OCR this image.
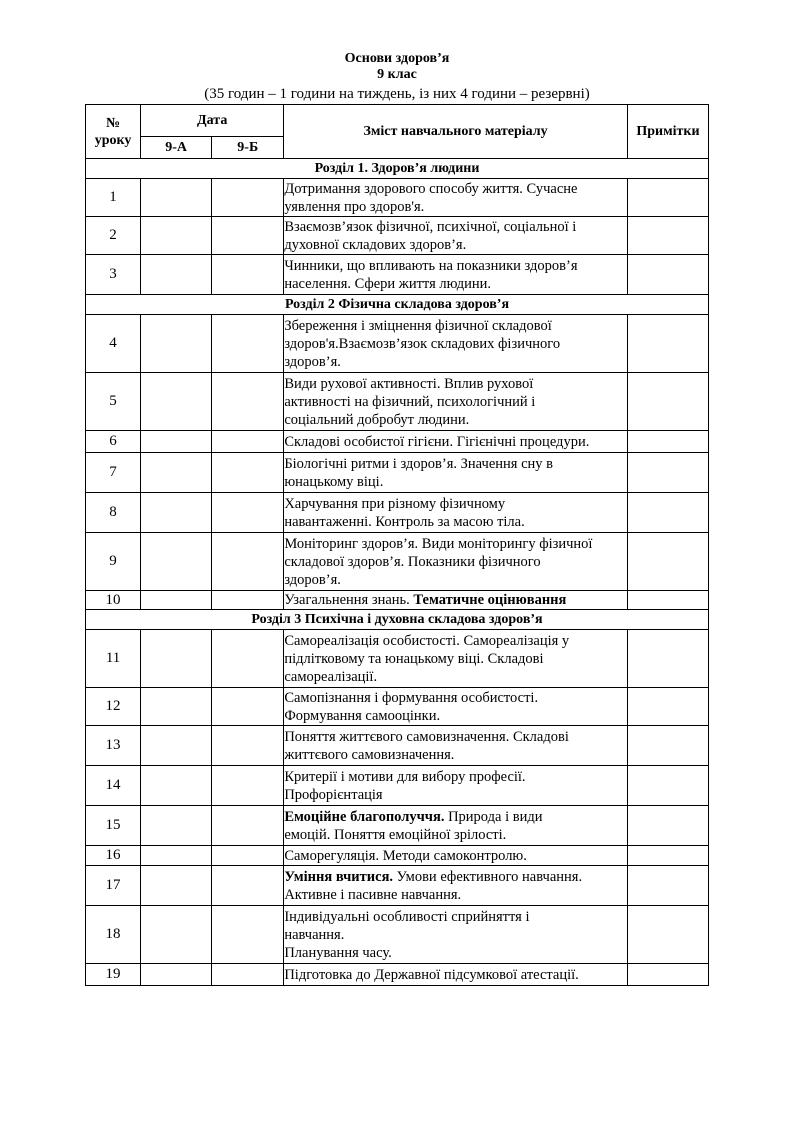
Основи здоров’я
9 клас
(35 годин – 1 години на тиждень, із них 4 години – резервні)
№ уроку	Дата		Зміст навчального матеріалу	Примітки
	9-А	9-Б		
Розділ 1. Здоров’я людини				
1			Дотримання здорового способу життя. Сучасне
уявлення про здоров'я.	

2			Взаємозв’язок фізичної, психічної, соціальної і
духовної складових здоров’я.	

3			Чинники, що впливають на показники здоров’я
населення. Сфери життя людини.	

Розділ 2 Фізична складова здоров’я				
4			Збереження і зміцнення фізичної складової
здоров'я.Взаємозв’язок складових фізичного
здоров’я.	

5			Види рухової активності. Вплив рухової
активності на фізичний, психологічний і
соціальний добробут людини.	

6			Складові особистої гігієни. Гігієнічні процедури.	

7			Біологічні ритми і здоров’я. Значення сну в
юнацькому віці.	

8			Харчування при різному фізичному
навантаженні. Контроль за масою тіла.	

9			Моніторинг здоров’я. Види моніторингу фізичної
складової здоров’я. Показники фізичного
здоров’я.	

10			Узагальнення знань. Тематичне оцінювання	
Розділ 3 Психічна і духовна складова здоров’я				
11			Самореалізація особистості. Самореалізація у
підлітковому та юнацькому віці. Складові
самореалізації.	

12			Самопізнання і формування особистості.
Формування самооцінки.	

13			Поняття життєвого самовизначення. Складові
життєвого самовизначення.	

14			Критерії і мотиви для вибору професії.
Профорієнтація	

15			Емоційне благополуччя. Природа і види
емоцій. Поняття емоційної зрілості.	

16			Саморегуляція. Методи самоконтролю.	

17			Уміння вчитися. Умови ефективного навчання.
Активне і пасивне навчання.	

18			Індивідуальні особливості сприйняття і
навчання.
Планування часу.	

19			Підготовка до Державної підсумкової атестації.	
